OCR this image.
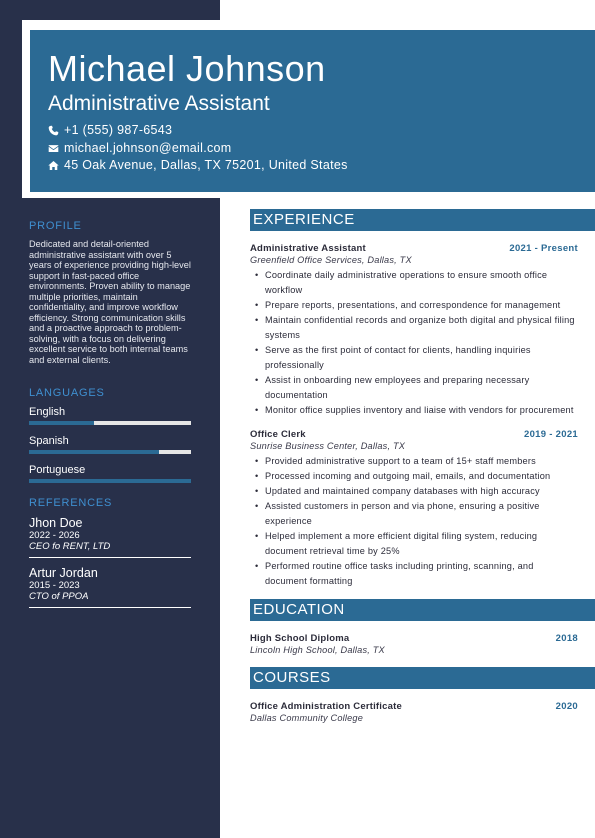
Michael Johnson
Administrative Assistant
+1 (555) 987-6543
michael.johnson@email.com
45 Oak Avenue, Dallas, TX 75201, United States
PROFILE
Dedicated and detail-oriented administrative assistant with over 5 years of experience providing high-level support in fast-paced office environments. Proven ability to manage multiple priorities, maintain confidentiality, and improve workflow efficiency. Strong communication skills and a proactive approach to problem-solving, with a focus on delivering excellent service to both internal teams and external clients.
LANGUAGES
English
Spanish
Portuguese
REFERENCES
Jhon Doe
2022 - 2026
CEO fo RENT, LTD
Artur Jordan
2015 - 2023
CTO of PPOA
EXPERIENCE
Administrative Assistant	2021 - Present
Greenfield Office Services, Dallas, TX
• Coordinate daily administrative operations to ensure smooth office workflow
• Prepare reports, presentations, and correspondence for management
• Maintain confidential records and organize both digital and physical filing systems
• Serve as the first point of contact for clients, handling inquiries professionally
• Assist in onboarding new employees and preparing necessary documentation
• Monitor office supplies inventory and liaise with vendors for procurement
Office Clerk	2019 - 2021
Sunrise Business Center, Dallas, TX
• Provided administrative support to a team of 15+ staff members
• Processed incoming and outgoing mail, emails, and documentation
• Updated and maintained company databases with high accuracy
• Assisted customers in person and via phone, ensuring a positive experience
• Helped implement a more efficient digital filing system, reducing document retrieval time by 25%
• Performed routine office tasks including printing, scanning, and document formatting
EDUCATION
High School Diploma	2018
Lincoln High School, Dallas, TX
COURSES
Office Administration Certificate	2020
Dallas Community College
